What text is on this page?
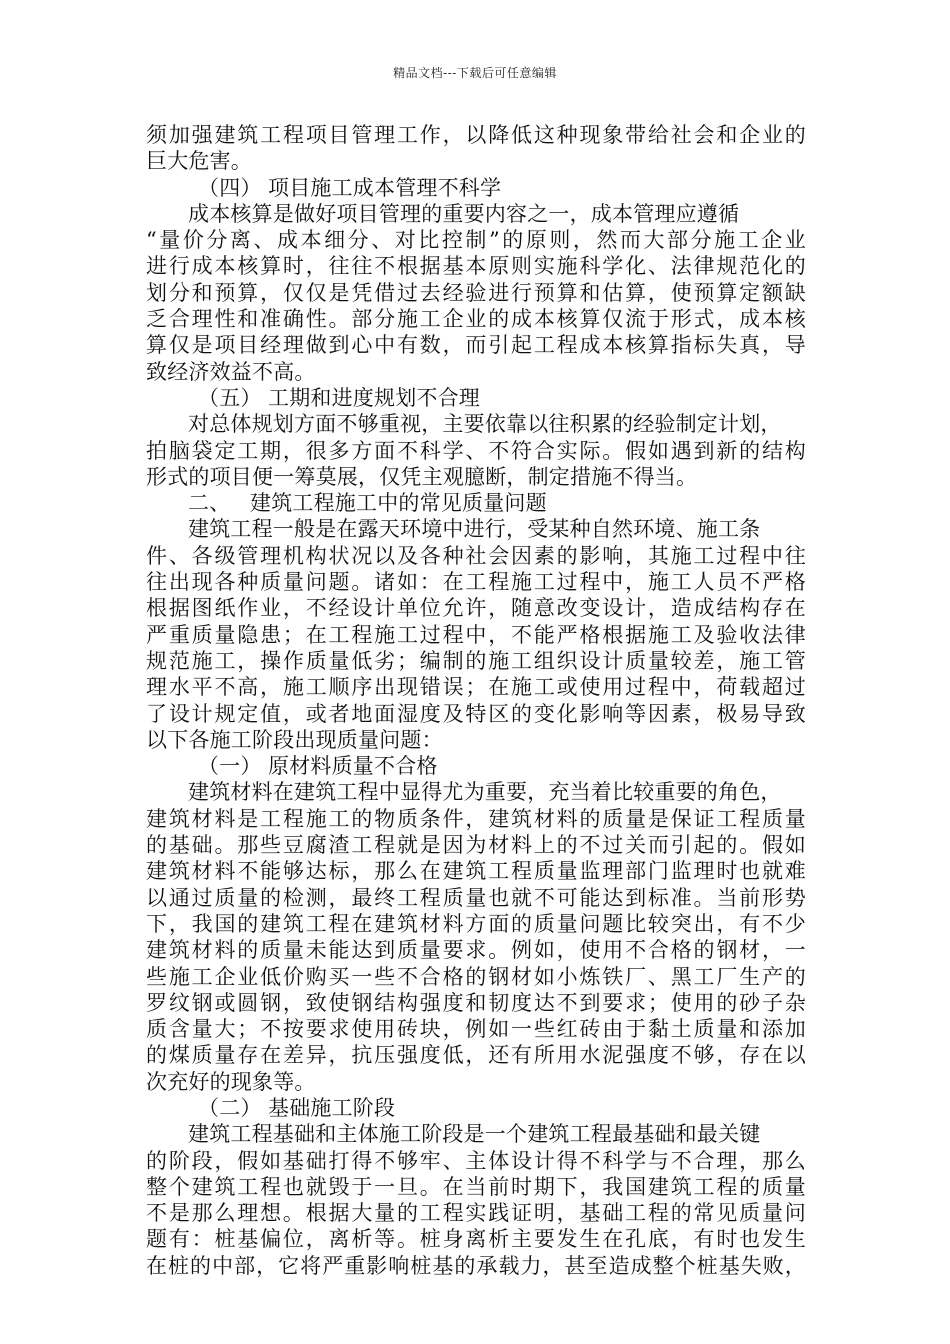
精品文档---下载后可任意编辑
须加强建筑工程项目管理工作，以降低这种现象带给社会和企业的
巨大危害。
（四） 项目施工成本管理不科学
成本核算是做好项目管理的重要内容之一，成本管理应遵循
“量价分离、成本细分、对比控制”的原则，然而大部分施工企业
进行成本核算时，往往不根据基本原则实施科学化、法律规范化的
划分和预算，仅仅是凭借过去经验进行预算和估算，使预算定额缺
乏合理性和准确性。部分施工企业的成本核算仅流于形式，成本核
算仅是项目经理做到心中有数，而引起工程成本核算指标失真，导
致经济效益不高。
（五） 工期和进度规划不合理
对总体规划方面不够重视，主要依靠以往积累的经验制定计划，
拍脑袋定工期，很多方面不科学、不符合实际。假如遇到新的结构
形式的项目便一筹莫展，仅凭主观臆断，制定措施不得当。
二、 建筑工程施工中的常见质量问题
建筑工程一般是在露天环境中进行，受某种自然环境、施工条
件、各级管理机构状况以及各种社会因素的影响，其施工过程中往
往出现各种质量问题。诸如：在工程施工过程中，施工人员不严格
根据图纸作业，不经设计单位允许，随意改变设计，造成结构存在
严重质量隐患；在工程施工过程中，不能严格根据施工及验收法律
规范施工，操作质量低劣；编制的施工组织设计质量较差，施工管
理水平不高，施工顺序出现错误；在施工或使用过程中，荷载超过
了设计规定值，或者地面湿度及特区的变化影响等因素，极易导致
以下各施工阶段出现质量问题：
（一） 原材料质量不合格
建筑材料在建筑工程中显得尤为重要，充当着比较重要的角色，
建筑材料是工程施工的物质条件，建筑材料的质量是保证工程质量
的基础。那些豆腐渣工程就是因为材料上的不过关而引起的。假如
建筑材料不能够达标，那么在建筑工程质量监理部门监理时也就难
以通过质量的检测，最终工程质量也就不可能达到标准。当前形势
下，我国的建筑工程在建筑材料方面的质量问题比较突出，有不少
建筑材料的质量未能达到质量要求。例如，使用不合格的钢材，一
些施工企业低价购买一些不合格的钢材如小炼铁厂、黑工厂生产的
罗纹钢或圆钢，致使钢结构强度和韧度达不到要求；使用的砂子杂
质含量大；不按要求使用砖块，例如一些红砖由于黏土质量和添加
的煤质量存在差异，抗压强度低，还有所用水泥强度不够，存在以
次充好的现象等。
（二） 基础施工阶段
建筑工程基础和主体施工阶段是一个建筑工程最基础和最关键
的阶段，假如基础打得不够牢、主体设计得不科学与不合理，那么
整个建筑工程也就毁于一旦。在当前时期下，我国建筑工程的质量
不是那么理想。根据大量的工程实践证明，基础工程的常见质量问
题有：桩基偏位，离析等。桩身离析主要发生在孔底，有时也发生
在桩的中部，它将严重影响桩基的承载力，甚至造成整个桩基失败，
